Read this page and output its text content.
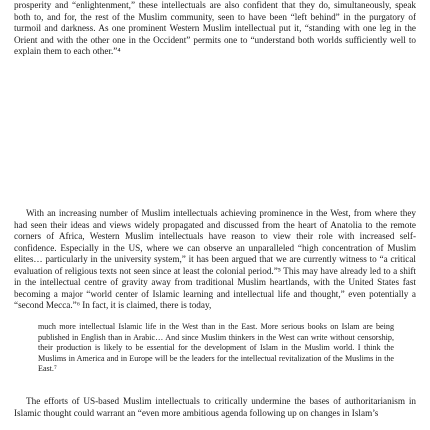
prosperity and “enlightenment,” these intellectuals are also confident that they do, simultaneously, speak both to, and for, the rest of the Muslim community, seen to have been “left behind” in the purgatory of turmoil and darkness. As one prominent Western Muslim intellectual put it, “standing with one leg in the Orient and with the other one in the Occident” permits one to “understand both worlds sufficiently well to explain them to each other.”⁴

With an increasing number of Muslim intellectuals achieving prominence in the West, from where they had seen their ideas and views widely propagated and discussed from the heart of Anatolia to the remote corners of Africa, Western Muslim intellectuals have reason to view their role with increased self-confidence. Especially in the US, where we can observe an unparalleled “high concentration of Muslim elites… particularly in the university system,” it has been argued that we are currently witness to “a critical evaluation of religious texts not seen since at least the colonial period.”⁵ This may have already led to a shift in the intellectual centre of gravity away from traditional Muslim heartlands, with the United States fast becoming a major “world center of Islamic learning and intellectual life and thought,” even potentially a “second Mecca.”⁶ In fact, it is claimed, there is today,

much more intellectual Islamic life in the West than in the East. More serious books on Islam are being published in English than in Arabic… And since Muslim thinkers in the West can write without censorship, their production is likely to be essential for the development of Islam in the Muslim world. I think the Muslims in America and in Europe will be the leaders for the intellectual revitalization of the Muslims in the East.⁷

The efforts of US-based Muslim intellectuals to critically undermine the bases of authoritarianism in Islamic thought could warrant an “even more ambitious agenda following up on changes in Islam’s
